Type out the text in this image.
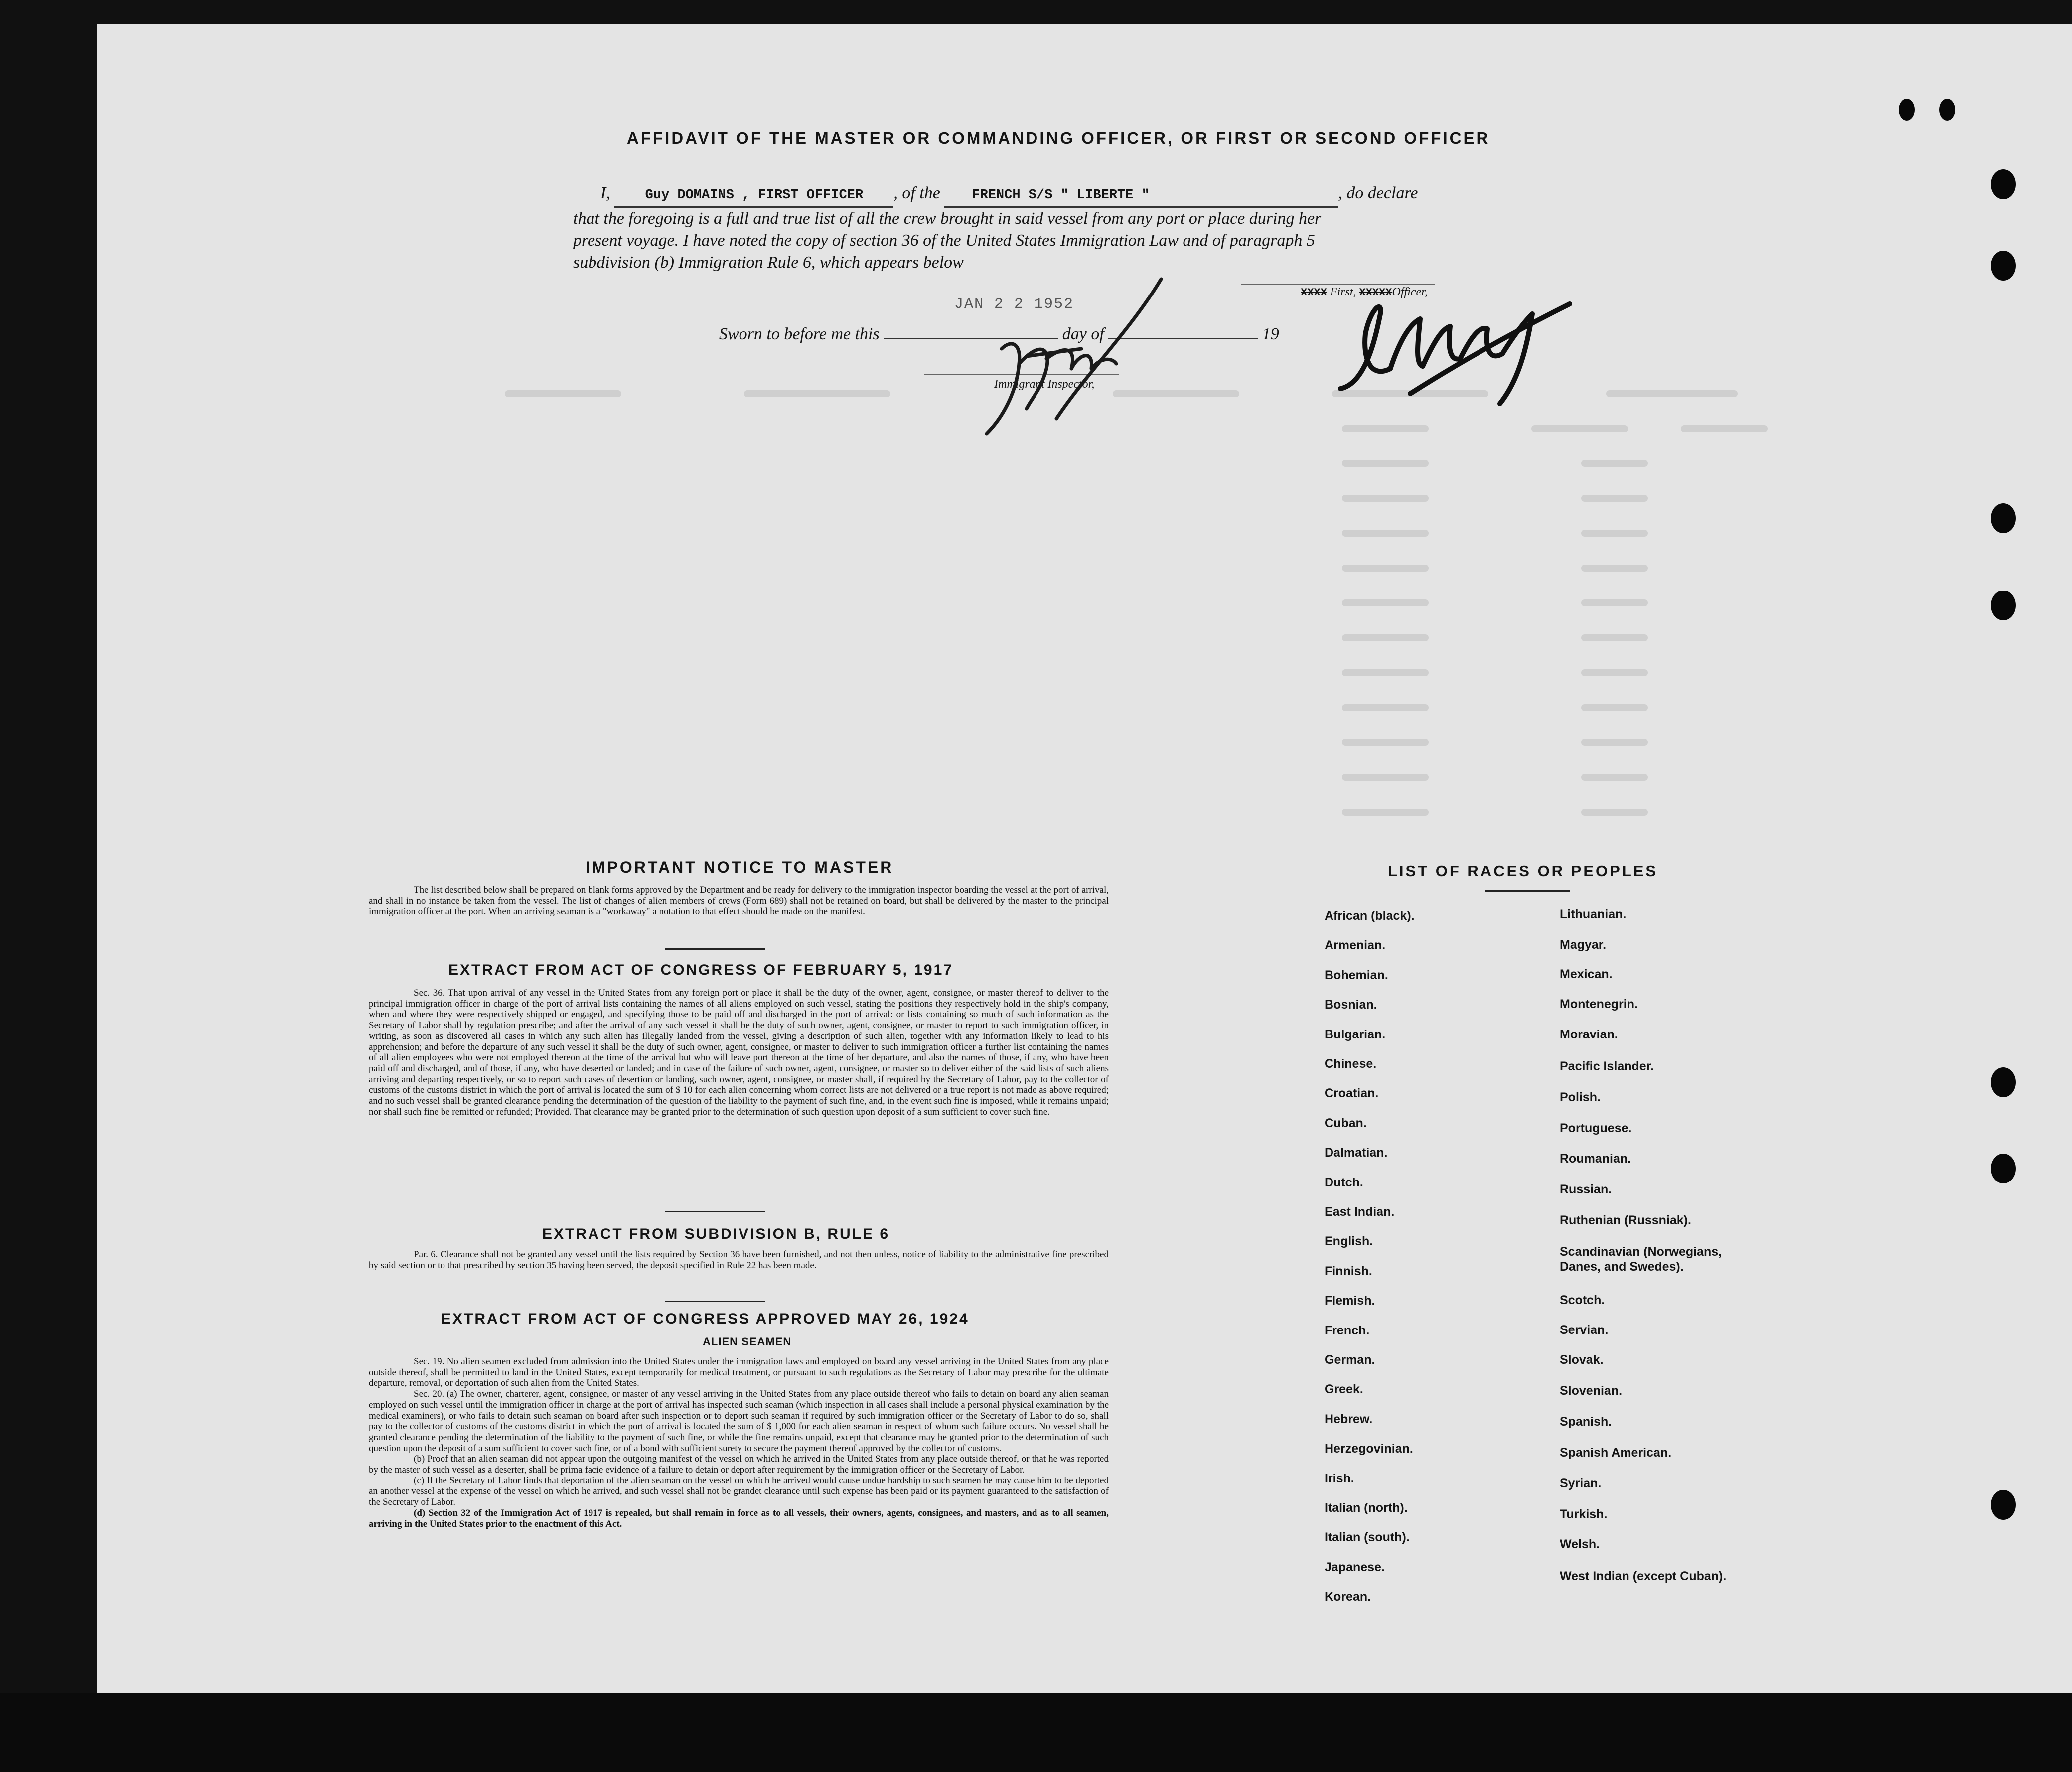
AFFIDAVIT OF THE MASTER OR COMMANDING OFFICER, OR FIRST OR SECOND OFFICER
I,	Guy DOMAINS , FIRST OFFICER , of the FRENCH S/S " LIBERTE "	, do declare
that the foregoing is a full and true list of all the crew brought in said vessel from any port or place during her
present voyage. I have noted the copy of section 36 of the United States Immigration Law and of paragraph 5
subdivision (b) Immigration Rule 6, which appears below
XXXX First, XXXXXOfficer,
JAN 2 2 1952
Sworn to before me this	day of	19
Immigrant Inspector,
IMPORTANT NOTICE TO MASTER

The list described below shall be prepared on blank forms approved by the Department and be ready for delivery to the immigration inspector boarding the vessel at the port of arrival, and shall in no instance be taken from the vessel. The list of changes of alien members of crews (Form 689) shall not be retained on board, but shall be delivered by the master to the principal immigration officer at the port. When an arriving seaman is a "workaway" a notation to that effect should be made on the manifest.

EXTRACT FROM ACT OF CONGRESS OF FEBRUARY 5, 1917

Sec. 36. That upon arrival of any vessel in the United States from any foreign port or place it shall be the duty of the owner, agent, consignee, or master thereof to deliver to the principal immigration officer in charge of the port of arrival lists containing the names of all aliens employed on such vessel, stating the positions they respectively hold in the ship's company, when and where they were respectively shipped or engaged, and specifying those to be paid off and discharged in the port of arrival: or lists containing so much of such information as the Secretary of Labor shall by regulation prescribe; and after the arrival of any such vessel it shall be the duty of such owner, agent, consignee, or master to report to such immigration officer, in writing, as soon as discovered all cases in which any such alien has illegally landed from the vessel, giving a description of such alien, together with any information likely to lead to his apprehension; and before the departure of any such vessel it shall be the duty of such owner, agent, consignee, or master to deliver to such immigration officer a further list containing the names of all alien employees who were not employed thereon at the time of the arrival but who will leave port thereon at the time of her departure, and also the names of those, if any, who have been paid off and discharged, and of those, if any, who have deserted or landed; and in case of the failure of such owner, agent, consignee, or master so to deliver either of the said lists of such aliens arriving and departing respectively, or so to report such cases of desertion or landing, such owner, agent, consignee, or master shall, if required by the Secretary of Labor, pay to the collector of customs of the customs district in which the port of arrival is located the sum of $ 10 for each alien concerning whom correct lists are not delivered or a true report is not made as above required; and no such vessel shall be granted clearance pending the determination of the question of the liability to the payment of such fine, and, in the event such fine is imposed, while it remains unpaid; nor shall such fine be remitted or refunded; Provided. That clearance may be granted prior to the determination of such question upon deposit of a sum sufficient to cover such fine.

EXTRACT FROM SUBDIVISION B, RULE 6

Par. 6. Clearance shall not be granted any vessel until the lists required by Section 36 have been furnished, and not then unless, notice of liability to the administrative fine prescribed by said section or to that prescribed by section 35 having been served, the deposit specified in Rule 22 has been made.

EXTRACT FROM ACT OF CONGRESS APPROVED MAY 26, 1924
ALIEN SEAMEN

Sec. 19. No alien seamen excluded from admission into the United States under the immigration laws and employed on board any vessel arriving in the United States from any place outside thereof, shall be permitted to land in the United States, except temporarily for medical treatment, or pursuant to such regulations as the Secretary of Labor may prescribe for the ultimate departure, removal, or deportation of such alien from the United States.

Sec. 20. (a) The owner, charterer, agent, consignee, or master of any vessel arriving in the United States from any place outside thereof who fails to detain on board any alien seaman employed on such vessel until the immigration officer in charge at the port of arrival has inspected such seaman (which inspection in all cases shall include a personal physical examination by the medical examiners), or who fails to detain such seaman on board after such inspection or to deport such seaman if required by such immigration officer or the Secretary of Labor to do so, shall pay to the collector of customs of the customs district in which the port of arrival is located the sum of $ 1,000 for each alien seaman in respect of whom such failure occurs. No vessel shall be granted clearance pending the determination of the liability to the payment of such fine, or while the fine remains unpaid, except that clearance may be granted prior to the determination of such question upon the deposit of a sum sufficient to cover such fine, or of a bond with sufficient surety to secure the payment thereof approved by the collector of customs.

(b) Proof that an alien seaman did not appear upon the outgoing manifest of the vessel on which he arrived in the United States from any place outside thereof, or that he was reported by the master of such vessel as a deserter, shall be prima facie evidence of a failure to detain or deport after requirement by the immigration officer or the Secretary of Labor.

(c) If the Secretary of Labor finds that deportation of the alien seaman on the vessel on which he arrived would cause undue hardship to such seamen he may cause him to be deported an another vessel at the expense of the vessel on which he arrived, and such vessel shall not be grandet clearance until such expense has been paid or its payment guaranteed to the satisfaction of the Secretary of Labor.

(d) Section 32 of the Immigration Act of 1917 is repealed, but shall remain in force as to all vessels, their owners, agents, consignees, and masters, and as to all seamen, arriving in the United States prior to the enactment of this Act.

LIST OF RACES OR PEOPLES
African (black).
Armenian.
Bohemian.
Bosnian.
Bulgarian.
Chinese.
Croatian.
Cuban.
Dalmatian.
Dutch.
East Indian.
English.
Finnish.
Flemish.
French.
German.
Greek.
Hebrew.
Herzegovinian.
Irish.
Italian (north).
Italian (south).
Japanese.
Korean.
Lithuanian.
Magyar.
Mexican.
Montenegrin.
Moravian.
Pacific Islander.
Polish.
Portuguese.
Roumanian.
Russian.
Ruthenian (Russniak).
Scandinavian (Norwegians, Danes, and Swedes).
Scotch.
Servian.
Slovak.
Slovenian.
Spanish.
Spanish American.
Syrian.
Turkish.
Welsh.
West Indian (except Cuban).
